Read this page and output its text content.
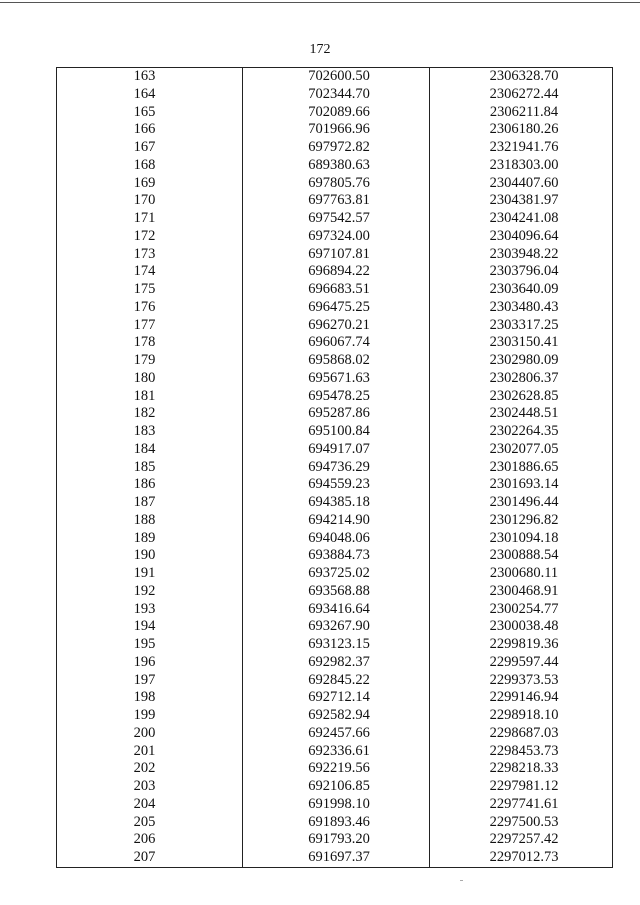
172
163	702600.50	2306328.70
164	702344.70	2306272.44
165	702089.66	2306211.84
166	701966.96	2306180.26
167	697972.82	2321941.76
168	689380.63	2318303.00
169	697805.76	2304407.60
170	697763.81	2304381.97
171	697542.57	2304241.08
172	697324.00	2304096.64
173	697107.81	2303948.22
174	696894.22	2303796.04
175	696683.51	2303640.09
176	696475.25	2303480.43
177	696270.21	2303317.25
178	696067.74	2303150.41
179	695868.02	2302980.09
180	695671.63	2302806.37
181	695478.25	2302628.85
182	695287.86	2302448.51
183	695100.84	2302264.35
184	694917.07	2302077.05
185	694736.29	2301886.65
186	694559.23	2301693.14
187	694385.18	2301496.44
188	694214.90	2301296.82
189	694048.06	2301094.18
190	693884.73	2300888.54
191	693725.02	2300680.11
192	693568.88	2300468.91
193	693416.64	2300254.77
194	693267.90	2300038.48
195	693123.15	2299819.36
196	692982.37	2299597.44
197	692845.22	2299373.53
198	692712.14	2299146.94
199	692582.94	2298918.10
200	692457.66	2298687.03
201	692336.61	2298453.73
202	692219.56	2298218.33
203	692106.85	2297981.12
204	691998.10	2297741.61
205	691893.46	2297500.53
206	691793.20	2297257.42
207	691697.37	2297012.73
